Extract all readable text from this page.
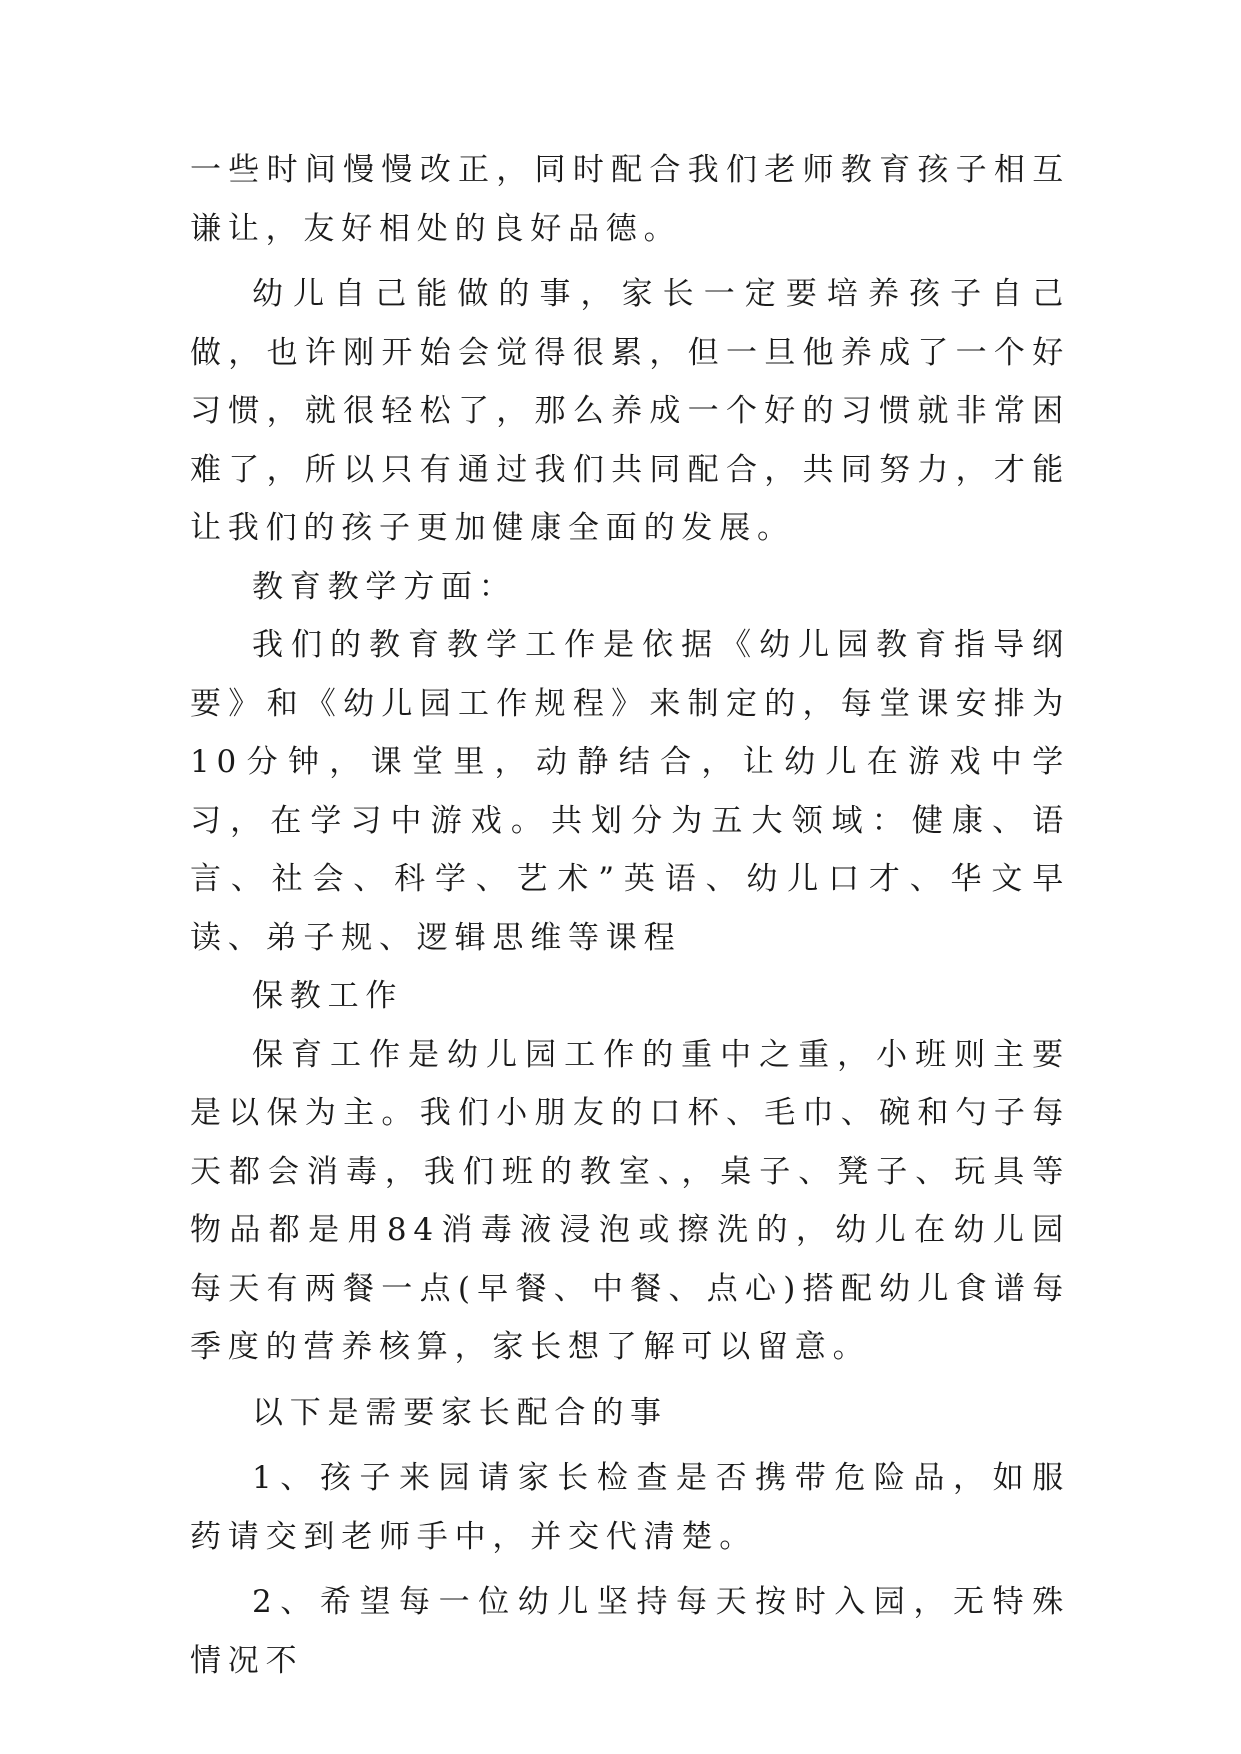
一些时间慢慢改正，同时配合我们老师教育孩子相互谦让，友好相处的良好品德。

幼儿自己能做的事，家长一定要培养孩子自己做，也许刚开始会觉得很累，但一旦他养成了一个好习惯，就很轻松了，那么养成一个好的习惯就非常困难了，所以只有通过我们共同配合，共同努力，才能让我们的孩子更加健康全面的发展。

教育教学方面：

我们的教育教学工作是依据《幼儿园教育指导纲要》和《幼儿园工作规程》来制定的，每堂课安排为10分钟，课堂里，动静结合，让幼儿在游戏中学习，在学习中游戏。共划分为五大领域：健康、语言、社会、科学、艺术”英语、幼儿口才、华文早读、弟子规、逻辑思维等课程

保教工作

保育工作是幼儿园工作的重中之重，小班则主要是以保为主。我们小朋友的口杯、毛巾、碗和勺子每天都会消毒，我们班的教室、，桌子、凳子、玩具等物品都是用84消毒液浸泡或擦洗的，幼儿在幼儿园每天有两餐一点(早餐、中餐、点心)搭配幼儿食谱每季度的营养核算，家长想了解可以留意。

以下是需要家长配合的事

1、孩子来园请家长检查是否携带危险品，如服药请交到老师手中，并交代清楚。

2、希望每一位幼儿坚持每天按时入园，无特殊情况不
